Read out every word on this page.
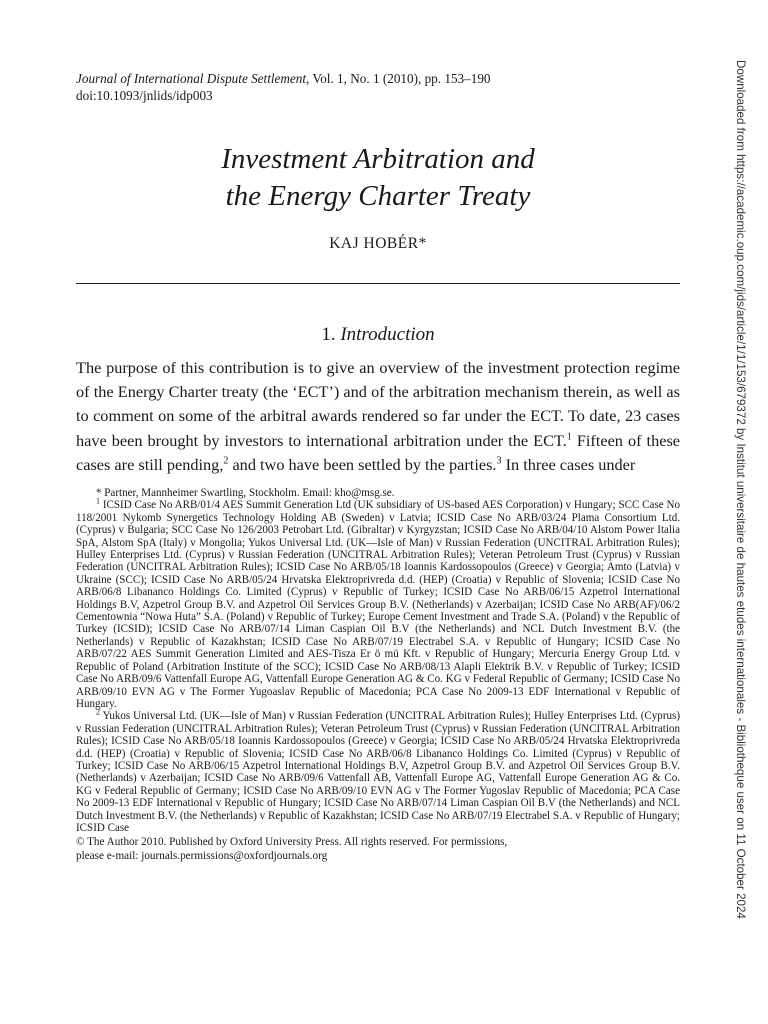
Journal of International Dispute Settlement, Vol. 1, No. 1 (2010), pp. 153–190
doi:10.1093/jnlids/idp003
Investment Arbitration and
the Energy Charter Treaty
KAJ HOBÉR*
1. Introduction
The purpose of this contribution is to give an overview of the investment protection regime of the Energy Charter treaty (the ‘ECT’) and of the arbitration mechanism therein, as well as to comment on some of the arbitral awards rendered so far under the ECT. To date, 23 cases have been brought by investors to international arbitration under the ECT.$^1$ Fifteen of these cases are still pending,$^2$ and two have been settled by the parties.$^3$ In three cases under

* Partner, Mannheimer Swartling, Stockholm. Email: kho@msg.se.

$^1$ ICSID Case No ARB/01/4 AES Summit Generation Ltd (UK subsidiary of US-based AES Corporation) v Hungary; SCC Case No 118/2001 Nykomb Synergetics Technology Holding AB (Sweden) v Latvia; ICSID Case No ARB/03/24 Plama Consortium Ltd. (Cyprus) v Bulgaria; SCC Case No 126/2003 Petrobart Ltd. (Gibraltar) v Kyrgyzstan; ICSID Case No ARB/04/10 Alstom Power Italia SpA, Alstom SpA (Italy) v Mongolia; Yukos Universal Ltd. (UK—Isle of Man) v Russian Federation (UNCITRAL Arbitration Rules); Hulley Enterprises Ltd. (Cyprus) v Russian Federation (UNCITRAL Arbitration Rules); Veteran Petroleum Trust (Cyprus) v Russian Federation (UNCITRAL Arbitration Rules); ICSID Case No ARB/05/18 Ioannis Kardossopoulos (Greece) v Georgia; Amto (Latvia) v Ukraine (SCC); ICSID Case No ARB/05/24 Hrvatska Elektroprivreda d.d. (HEP) (Croatia) v Republic of Slovenia; ICSID Case No ARB/06/8 Libananco Holdings Co. Limited (Cyprus) v Republic of Turkey; ICSID Case No ARB/06/15 Azpetrol International Holdings B.V, Azpetrol Group B.V. and Azpetrol Oil Services Group B.V. (Netherlands) v Azerbaijan; ICSID Case No ARB(AF)/06/2 Cementownia “Nowa Huta” S.A. (Poland) v Republic of Turkey; Europe Cement Investment and Trade S.A. (Poland) v the Republic of Turkey (ICSID); ICSID Case No ARB/07/14 Liman Caspian Oil B.V (the Netherlands) and NCL Dutch Investment B.V. (the Netherlands) v Republic of Kazakhstan; ICSID Case No ARB/07/19 Electrabel S.A. v Republic of Hungary; ICSID Case No ARB/07/22 AES Summit Generation Limited and AES-Tisza Er ö mü Kft. v Republic of Hungary; Mercuria Energy Group Ltd. v Republic of Poland (Arbitration Institute of the SCC); ICSID Case No ARB/08/13 Alapli Elektrik B.V. v Republic of Turkey; ICSID Case No ARB/09/6 Vattenfall Europe AG, Vattenfall Europe Generation AG & Co. KG v Federal Republic of Germany; ICSID Case No ARB/09/10 EVN AG v The Former Yugoaslav Republic of Macedonia; PCA Case No 2009-13 EDF International v Republic of Hungary.

$^2$ Yukos Universal Ltd. (UK—Isle of Man) v Russian Federation (UNCITRAL Arbitration Rules); Hulley Enterprises Ltd. (Cyprus) v Russian Federation (UNCITRAL Arbitration Rules); Veteran Petroleum Trust (Cyprus) v Russian Federation (UNCITRAL Arbitration Rules); ICSID Case No ARB/05/18 Ioannis Kardossopoulos (Greece) v Georgia; ICSID Case No ARB/05/24 Hrvatska Elektroprivreda d.d. (HEP) (Croatia) v Republic of Slovenia; ICSID Case No ARB/06/8 Libananco Holdings Co. Limited (Cyprus) v Republic of Turkey; ICSID Case No ARB/06/15 Azpetrol International Holdings B.V, Azpetrol Group B.V. and Azpetrol Oil Services Group B.V. (Netherlands) v Azerbaijan; ICSID Case No ARB/09/6 Vattenfall AB, Vattenfall Europe AG, Vattenfall Europe Generation AG & Co. KG v Federal Republic of Germany; ICSID Case No ARB/09/10 EVN AG v The Former Yugoslav Republic of Macedonia; PCA Case No 2009-13 EDF International v Republic of Hungary; ICSID Case No ARB/07/14 Liman Caspian Oil B.V (the Netherlands) and NCL Dutch Investment B.V. (the Netherlands) v Republic of Kazakhstan; ICSID Case No ARB/07/19 Electrabel S.A. v Republic of Hungary; ICSID Case

© The Author 2010. Published by Oxford University Press. All rights reserved. For permissions,
please e-mail: journals.permissions@oxfordjournals.org	Downloaded from https://academic.oup.com/jids/article/1/1/153/679372 by Institut universitaire de hautes etudes internationales - Bibliotheque user on 11 October 2024
